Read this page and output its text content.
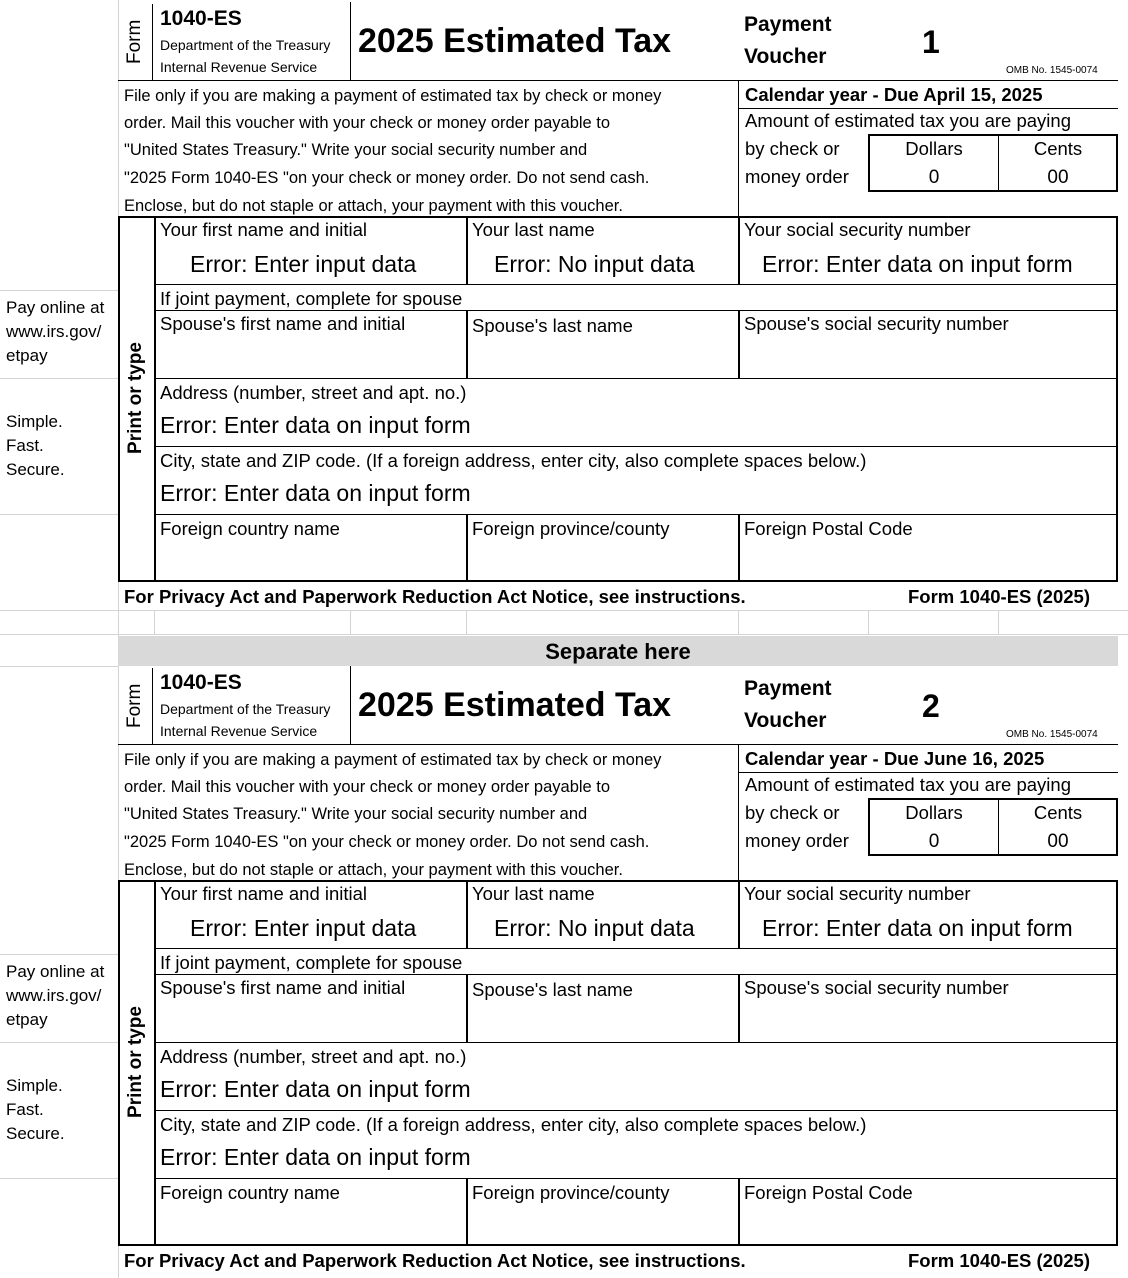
Separate here
Form
1040-ES
Department of the Treasury
Internal Revenue Service
2025 Estimated Tax	Payment
Voucher	1
OMB No. 1545-0074
File only if you are making a payment of estimated tax by check or money
order. Mail this voucher with your check or money order payable to
"United States Treasury." Write your social security number and
"2025 Form 1040-ES "on your check or money order. Do not send cash.
Enclose, but do not staple or attach, your payment with this voucher.
Calendar year - Due April 15, 2025
Amount of estimated tax you are paying
by check or
money order
Dollars	Cents
0	00
Print or type
Your first name and initial
Error: Enter input data
Your last name
Error: No input data
Your social security number
Error: Enter data on input form
If joint payment, complete for spouse
Spouse's first name and initial	Spouse's last name	Spouse's social security number
Address (number, street and apt. no.)
Error: Enter data on input form
City, state and ZIP code. (If a foreign address, enter city, also complete spaces below.)
Error: Enter data on input form
Foreign country name	Foreign province/county	Foreign Postal Code
For Privacy Act and Paperwork Reduction Act Notice, see instructions.	Form 1040-ES (2025)
Pay online at
www.irs.gov/
etpay
Simple.
Fast.
Secure.
Form
1040-ES
Department of the Treasury
Internal Revenue Service
2025 Estimated Tax	Payment
Voucher	2
OMB No. 1545-0074
File only if you are making a payment of estimated tax by check or money
order. Mail this voucher with your check or money order payable to
"United States Treasury." Write your social security number and
"2025 Form 1040-ES "on your check or money order. Do not send cash.
Enclose, but do not staple or attach, your payment with this voucher.
Calendar year - Due June 16, 2025
Amount of estimated tax you are paying
by check or
money order
Dollars	Cents
0	00
Print or type
Your first name and initial
Error: Enter input data
Your last name
Error: No input data
Your social security number
Error: Enter data on input form
If joint payment, complete for spouse
Spouse's first name and initial	Spouse's last name	Spouse's social security number
Address (number, street and apt. no.)
Error: Enter data on input form
City, state and ZIP code. (If a foreign address, enter city, also complete spaces below.)
Error: Enter data on input form
Foreign country name	Foreign province/county	Foreign Postal Code
For Privacy Act and Paperwork Reduction Act Notice, see instructions.	Form 1040-ES (2025)
Pay online at
www.irs.gov/
etpay
Simple.
Fast.
Secure.
